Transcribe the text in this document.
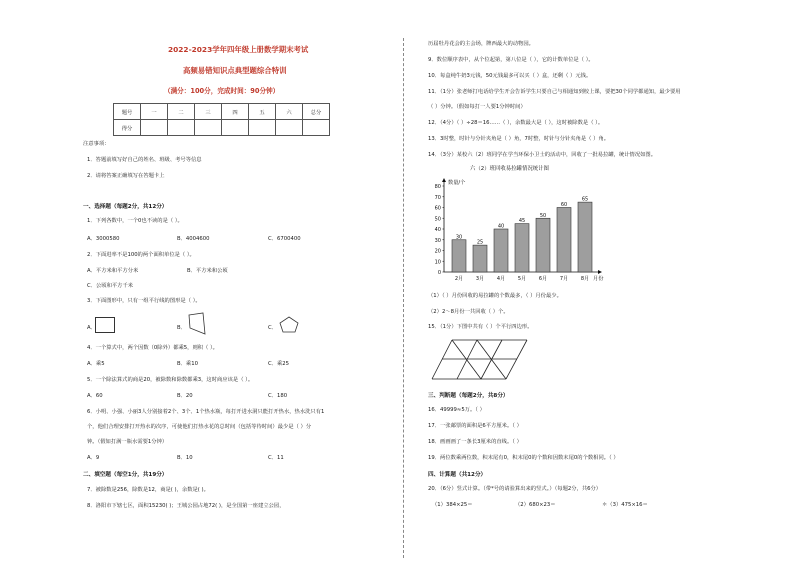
2022-2023学年四年级上册数学期末考试
高频易错知识点典型题综合特训
（满分：100分，完成时间：90分钟）
题号	一	二	三	四	五	六	总分
得分							
注意事项：
1．答题前填写好自己的姓名、班级、考号等信息
2．请将答案正确填写在答题卡上
一、选择题（每题2分，共12分）
1．下列各数中，一个0也不读的是（ ）。
A．3000580	B．4004600	C．6700400
2．下面进率不是100的两个面积单位是（ ）。
A．平方米和平方分米	B．平方米和公顷
C．公顷和平方千米
3．下面图形中，只有一组平行线的图形是（ ）。
A．	B．	C．
4．一个算式中，两个因数（0除外）都乘5，则积（ ）。
A．乘5	B．乘10	C．乘25
5．一个除法算式的商是20，被除数和除数都乘3，这时商应该是（ ）。
A．60	B．20	C．180
6．小明、小强、小丽3人分别接着2个、3个、1个热水瓶，每打开进水洞只能打开热水，热水洗只有1
个，他们合理安排打开热水的次序，可使他们打热水花的总时间（包括等待时间）最少是（ ）分
钟。（假如打满一瓶水需要1分钟）
A．9	B．10	C．11
二、填空题（每空1分，共19分）
7．被除数是256，除数是12，商是( )，余数是( )。
8．洛阳市下辖七区，面积15230( )；王城公园占地72( )，是全国第一座建立公园，
历届牡丹花会的主会场，牌西最大的动物园。
9．数位顺序表中，从个位起第，第八位是（ ），它的计数单位是（ ）。
10．每盒纯牛奶3元钱，50元钱最多可以买（ ）盒，还剩（ ）元钱。
11．（1分）张老师打电话给学生开会告诉学生只要自己与相通知到校上课，要把30个同学都通知，最少要用
（ ）分钟。（假如每打一人要1分钟时间）
12．（4分）（ ）÷28＝16……（ ），余数最大是（ ），这时被除数是（ ）。
13．3时整，时针与分针夹角是（ ）角，7时整，时针与分针夹角是（ ）角。
14．（3分）某校六（2）班同学在学当环保小卫士的活动中，回收了一批易拉罐，统计情况如图。
六（2）班回收易拉罐情况统计图
数量/个
月份
0
10
20
30
40
50
60
70
80
30
2月
25
3月
40
4月
45
5月
50
6月
60
7月
65
8月
（1）（ ）月份回收的易拉罐的个数最多，（ ）月份最少。
（2）2～8月份一共回收（ ）个。
15．（1分）下图中共有（ ）个平行四边形。
三、判断题（每题2分，共8分）
16．49999≈5万。（ ）
17．一张邮票的面积是6平方厘米。（ ）
18．画画画了一条长3厘米的直线。（ ）
19．两位数乘两位数，积末尾有0，积末尾0的个数和因数末尾0的个数相同。（ ）
四、计算题（共12分）
20．（6分）竖式计算。（带*号的请验算出来的竖式。）（每题2分，共6分）
（1）384×25＝	（2）680×23＝	＊（3）475×16＝
